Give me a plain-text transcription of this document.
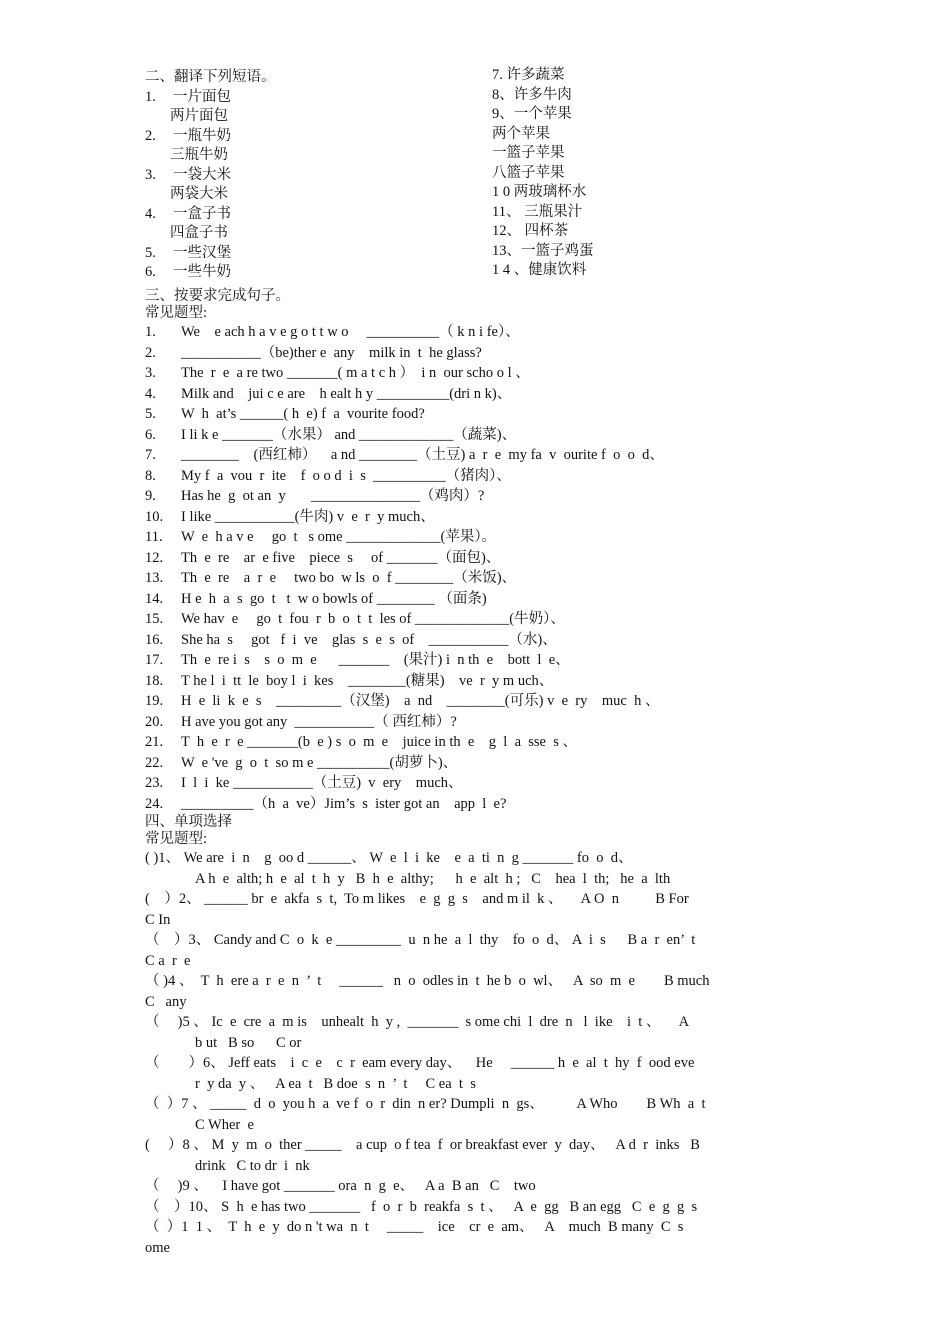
二、翻译下列短语。
1. 一片面包
两片面包
2. 一瓶牛奶
三瓶牛奶
3. 一袋大米
两袋大米
4. 一盒子书
四盒子书
5. 一些汉堡
6. 一些牛奶
7. 许多蔬菜
8、许多牛肉
9、一个苹果
两个苹果
一篮子苹果
八篮子苹果
1 0 两玻璃杯水
11、 三瓶果汁
12、 四杯茶
13、一篮子鸡蛋
1 4 、健康饮料
三、按要求完成句子。
常见题型:
1. We    e ach h a v e g o t t w o     __________（ k n i fe）、
2. ___________（be)ther e  any    milk in  t  he glass?
3. The  r  e  a re two _______( m a t c h ）  i n  our scho o l 、
4. Milk and    jui c e are    h ealt h y __________(dri n k)、
5. W  h  at’s ______( h  e) f  a  vourite food?
6. I li k e _______（水果） and _____________（蔬菜)、
7. ________    (西红柿）    a nd ________（土豆) a  r  e  my fa  v  ourite f  o  o  d、
8. My f  a  vou  r  ite    f  o o d  i  s  __________（猪肉）、
9. Has he  g  ot an  y       _______________（鸡肉）?
10. I like ___________(牛肉) v  e  r  y much、
11. W  e  h a v e     go  t   s ome _____________(苹果）。
12. Th  e  re    ar  e five    piece  s     of _______（面包)、
13. Th  e  re    a  r  e     two bo  w ls  o  f ________（米饭)、
14. H e  h  a  s  go  t   t  w o bowls of ________ （面条)
15. We hav  e     go  t  fou  r  b  o  t  t  les of _____________(牛奶）、
16. She ha  s     got   f  i  ve    glas  s  e  s  of    ___________（水)、
17. Th  e  re i  s    s  o  m  e      _______    (果汁) i  n th  e    bott  l  e、
18. T he l  i  tt  le  boy l  i  kes    ________(糖果)    ve  r  y m uch、
19. H  e  li  k  e  s    _________（汉堡)    a  nd    ________(可乐) v  e  ry    muc  h 、
20. H ave you got any  ___________（ 西红柿）?
21. T  h  e  r  e _______(b  e ) s  o  m  e    juice in th  e    g  l  a  sse  s 、
22. W  e 've  g  o  t  so m e __________(胡萝卜)、
23. I  l  i  ke ___________（土豆)  v  ery    much、
24. __________（h  a  ve）Jim’s  s  ister got an    app  l  e?
四、单项选择
常见题型:
( )1、 We are  i  n    g  oo d ______、 W  e  l  i  ke    e  a  ti  n  g _______ fo  o  d、
A h  e  alth; h  e  al  t  h  y   B  h  e  althy;      h  e  alt  h ;   C    hea  l  th;   he  a  lth
(    ）2、 ______ br  e  akfa  s  t,  To m likes    e  g  g  s    and m il  k 、     A O  n          B For
C In
（    ）3、 Candy and C  o  k  e _________  u  n he  a  l  thy    fo  o  d、 A  i  s      B a  r  en’  t
C a  r  e
（ )4 、  T  h  ere a  r  e  n  ’  t     ______   n  o  odles in  t  he b  o  wl、   A  so  m  e        B much
C   any
（     )5 、 Ic  e  cre  a  m is    unhealt  h  y ,  _______  s ome chi  l  dre  n   l  ike    i  t 、     A
b ut   B so      C or
（        ）6、 Jeff eats    i  c  e    c  r  eam every day、    He     ______ h  e  al  t  hy  f  ood eve
r  y da  y 、   A ea  t   B doe  s  n  ’  t     C ea  t  s
（  ）7 、 _____  d  o  you h  a  ve f  o  r  din  n er? Dumpli  n  gs、         A Who        B Wh  a  t
C Wher  e
(     ）8 、 M  y  m  o  ther _____    a cup  o f tea  f  or breakfast ever  y  day、   A d  r  inks   B
drink   C to dr  i  nk
（     )9 、    I have got _______ ora  n  g  e、   A a  B an   C    two
（    ）10、 S  h  e has two _______   f  o  r  b  reakfa  s  t 、   A  e  gg   B an egg   C  e  g  g  s
（  ）1  1 、  T  h  e  y  do n 't wa  n  t     _____    ice    cr  e  am、   A    much  B many  C  s
ome
